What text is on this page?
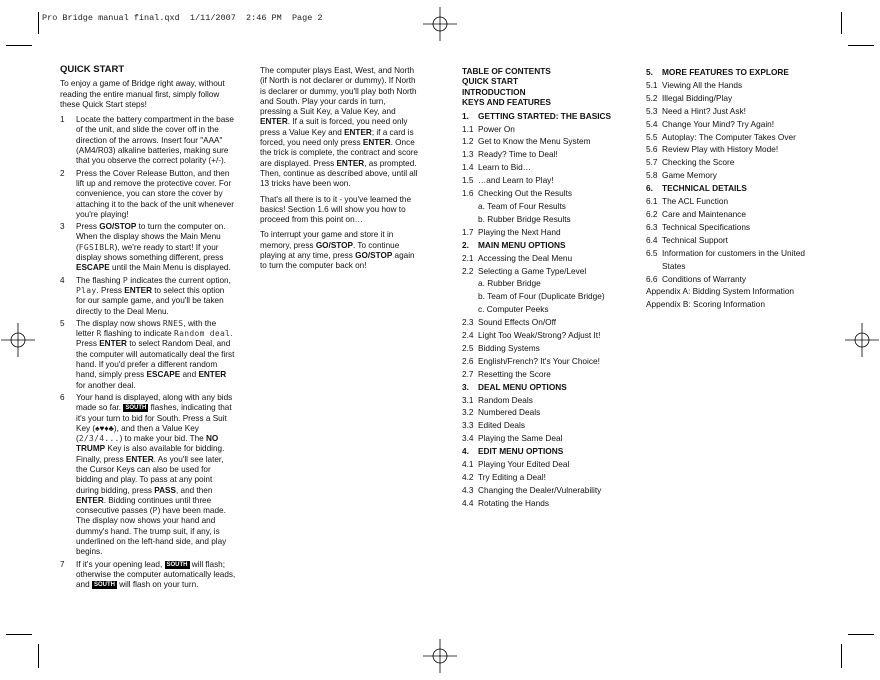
Pro Bridge manual final.qxd  1/11/2007  2:46 PM  Page 2
QUICK START

To enjoy a game of Bridge right away, without reading the entire manual first, simply follow these Quick Start steps!

1	Locate the battery compartment in the base of the unit, and slide the cover off in the direction of the arrows. Insert four "AAA"(AM4/R03) alkaline batteries, making sure that you observe the correct polarity (+/-).
2	Press the Cover Release Button, and then lift up and remove the protective cover. For convenience, you can store the cover by attaching it to the back of the unit whenever you're playing!
3	Press GO/STOP to turn the computer on. When the display shows the Main Menu (FGSIBLR), we're ready to start! If your display shows something different, press ESCAPE until the Main Menu is displayed.
4	The flashing P indicates the current option, Play. Press ENTER to select this option for our sample game, and you'll be taken directly to the Deal Menu.
5	The display now shows RNES, with the letter R flashing to indicate Random deal. Press ENTER to select Random Deal, and the computer will automatically deal the first hand. If you'd prefer a different random hand, simply press ESCAPE and ENTER for another deal.
6	Your hand is displayed, along with any bids made so far. SOUTH flashes, indicating that it's your turn to bid for South. Press a Suit Key (♠♥♦♣), and then a Value Key (2/3/4...) to make your bid. The NO TRUMP Key is also available for bidding. Finally, press ENTER. As you'll see later, the Cursor Keys can also be used for bidding and play. To pass at any point during bidding, press PASS, and then ENTER. Bidding continues until three consecutive passes (P) have been made. The display now shows your hand and dummy's hand. The trump suit, if any, is underlined on the left-hand side, and play begins.
7	If it's your opening lead, SOUTH will flash; otherwise the computer automatically leads, and SOUTH will flash on your turn.

The computer plays East, West, and North (if North is not declarer or dummy). If North is declarer or dummy, you'll play both North and South. Play your cards in turn, pressing a Suit Key, a Value Key, and ENTER. If a suit is forced, you need only press a Value Key and ENTER; if a card is forced, you need only press ENTER. Once the trick is complete, the contract and score are displayed. Press ENTER, as prompted. Then, continue as described above, until all 13 tricks have been won.

That's all there is to it - you've learned the basics! Section 1.6 will show you how to proceed from this point on…

To interrupt your game and store it in memory, press GO/STOP. To continue playing at any time, press GO/STOP again to turn the computer back on!

TABLE OF CONTENTS
QUICK START
INTRODUCTION
KEYS AND FEATURES
1.	GETTING STARTED: THE BASICS
1.1 Power On
1.2 Get to Know the Menu System
1.3 Ready? Time to Deal!
1.4 Learn to Bid…
1.5 …and Learn to Play!
1.6 Checking Out the Results
a. Team of Four Results
b. Rubber Bridge Results
1.7 Playing the Next Hand
2.	MAIN MENU OPTIONS
2.1 Accessing the Deal Menu
2.2 Selecting a Game Type/Level
a. Rubber Bridge
b. Team of Four (Duplicate Bridge)
c. Computer Peeks
2.3 Sound Effects On/Off
2.4 Light Too Weak/Strong? Adjust It!
2.5 Bidding Systems
2.6 English/French? It's Your Choice!
2.7 Resetting the Score
3.	DEAL MENU OPTIONS
3.1 Random Deals
3.2 Numbered Deals
3.3 Edited Deals
3.4 Playing the Same Deal
4.	EDIT MENU OPTIONS
4.1 Playing Your Edited Deal
4.2 Try Editing a Deal!
4.3 Changing the Dealer/Vulnerability
4.4 Rotating the Hands
5.	MORE FEATURES TO EXPLORE
5.1 Viewing All the Hands
5.2 Illegal Bidding/Play
5.3 Need a Hint? Just Ask!
5.4 Change Your Mind? Try Again!
5.5 Autoplay: The Computer Takes Over
5.6 Review Play with History Mode!
5.7 Checking the Score
5.8 Game Memory
6.	TECHNICAL DETAILS
6.1 The ACL Function
6.2 Care and Maintenance
6.3 Technical Specifications
6.4 Technical Support
6.5 Information for customers in the United States
6.6 Conditions of Warranty
Appendix A: Bidding System Information
Appendix B: Scoring Information
